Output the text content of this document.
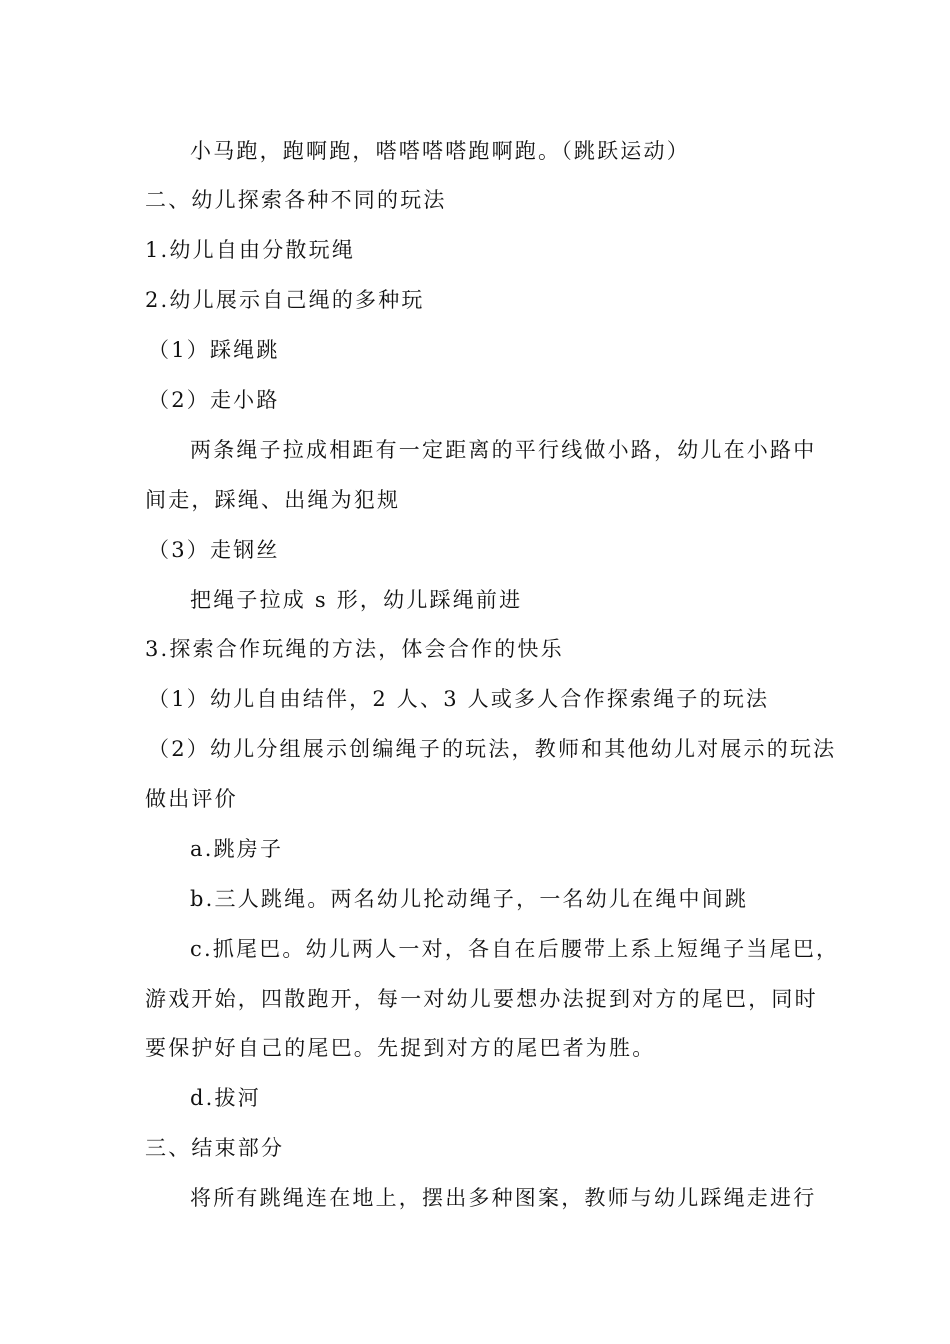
小马跑，跑啊跑，嗒嗒嗒嗒跑啊跑。（跳跃运动）
二、幼儿探索各种不同的玩法
1.幼儿自由分散玩绳
2.幼儿展示自己绳的多种玩
（1）踩绳跳
（2）走小路
两条绳子拉成相距有一定距离的平行线做小路，幼儿在小路中
间走，踩绳、出绳为犯规
（3）走钢丝
把绳子拉成 s 形，幼儿踩绳前进
3.探索合作玩绳的方法，体会合作的快乐
（1）幼儿自由结伴，2 人、3 人或多人合作探索绳子的玩法
（2）幼儿分组展示创编绳子的玩法，教师和其他幼儿对展示的玩法
做出评价
a.跳房子
b.三人跳绳。两名幼儿抡动绳子，一名幼儿在绳中间跳
c.抓尾巴。幼儿两人一对，各自在后腰带上系上短绳子当尾巴，
游戏开始，四散跑开，每一对幼儿要想办法捉到对方的尾巴，同时
要保护好自己的尾巴。先捉到对方的尾巴者为胜。
d.拔河
三、结束部分
将所有跳绳连在地上，摆出多种图案，教师与幼儿踩绳走进行
